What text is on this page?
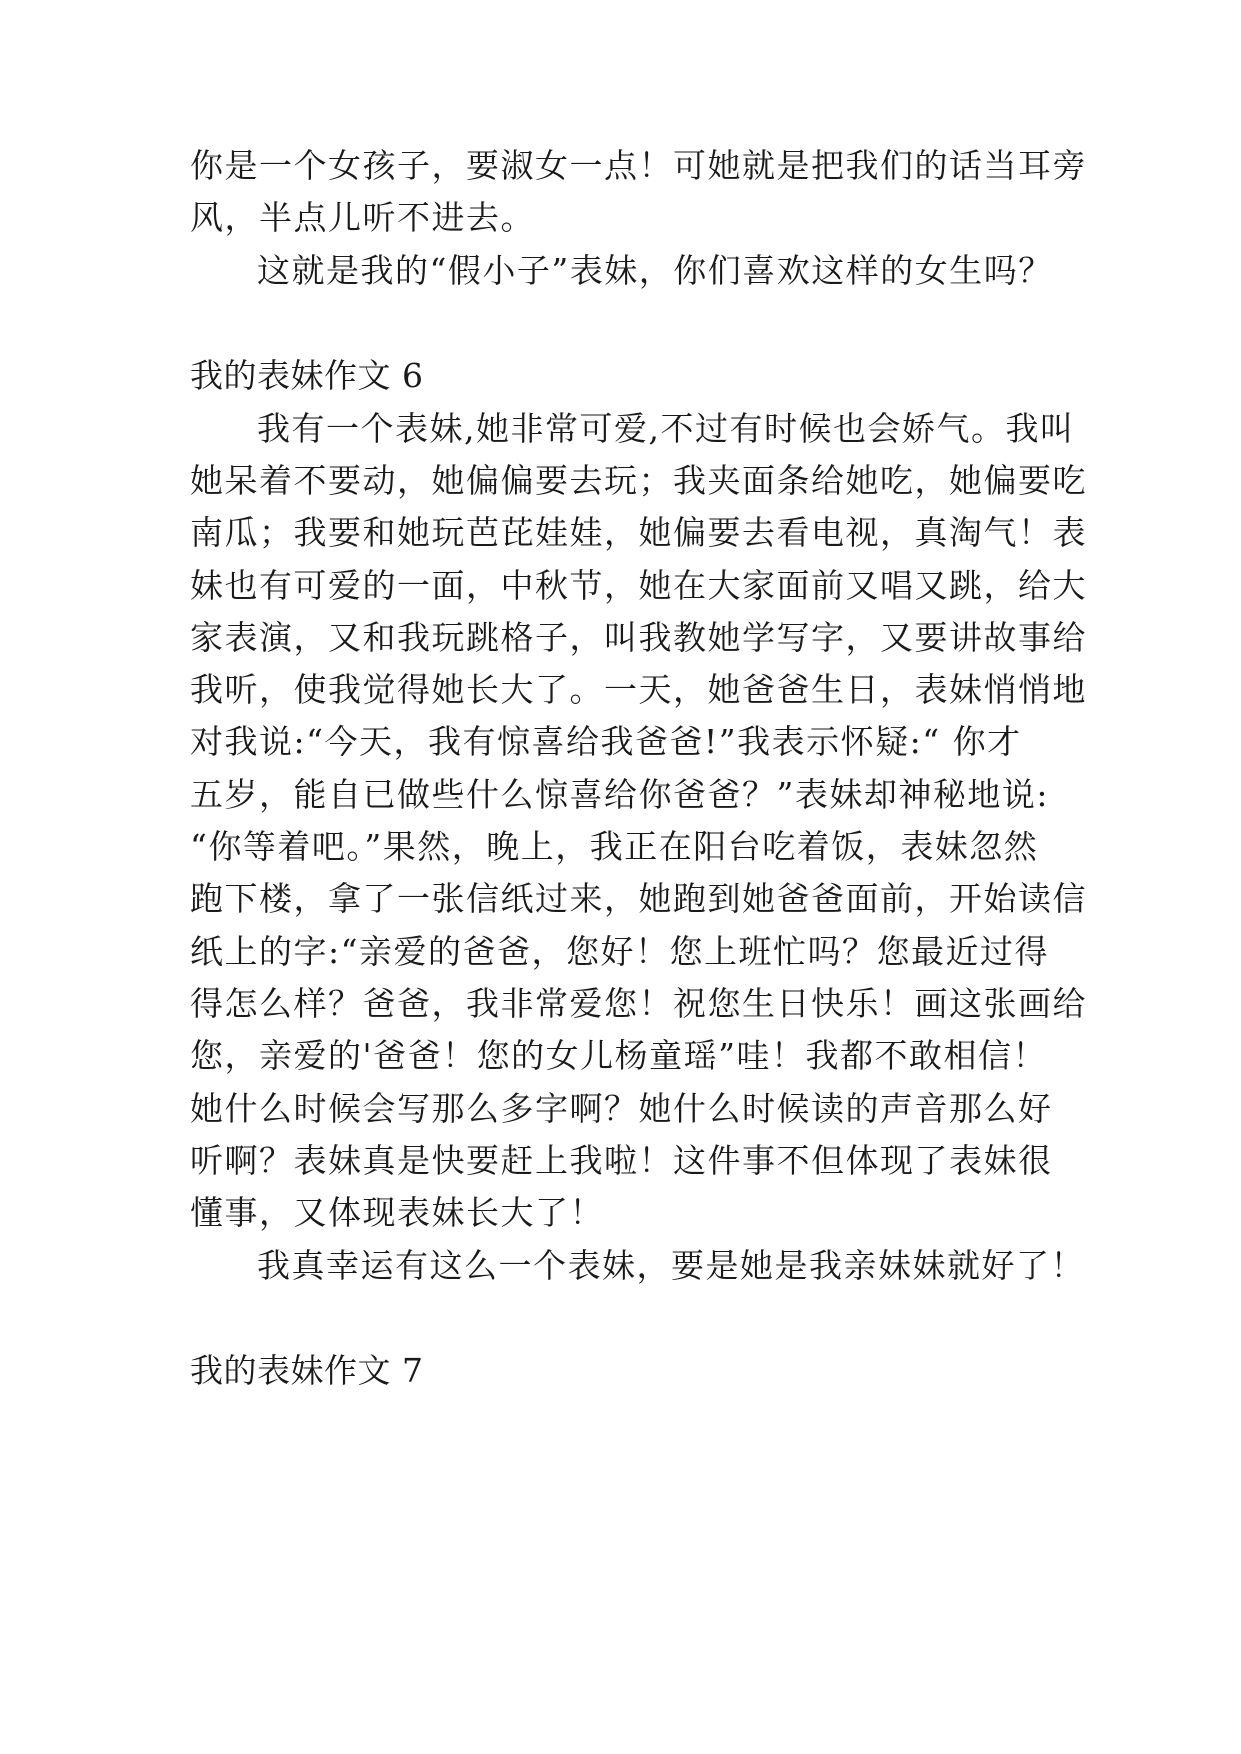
你是一个女孩子，要淑女一点！可她就是把我们的话当耳旁
风，半点儿听不进去。
这就是我的“假小子”表妹，你们喜欢这样的女生吗？
我的表妹作文 6
我有一个表妹,她非常可爱,不过有时候也会娇气。我叫
她呆着不要动，她偏偏要去玩；我夹面条给她吃，她偏要吃
南瓜；我要和她玩芭芘娃娃，她偏要去看电视，真淘气！表
妹也有可爱的一面，中秋节，她在大家面前又唱又跳，给大
家表演，又和我玩跳格子，叫我教她学写字，又要讲故事给
我听，使我觉得她长大了。一天，她爸爸生日，表妹悄悄地
对我说:“今天，我有惊喜给我爸爸!”我表示怀疑:“ 你才
五岁，能自已做些什么惊喜给你爸爸？”表妹却神秘地说:
“你等着吧。”果然，晚上，我正在阳台吃着饭，表妹忽然
跑下楼，拿了一张信纸过来，她跑到她爸爸面前，开始读信
纸上的字:“亲爱的爸爸，您好！您上班忙吗？您最近过得
得怎么样？爸爸，我非常爱您！祝您生日快乐！画这张画给
您，亲爱的'爸爸！您的女儿杨童瑶”哇！我都不敢相信！
她什么时候会写那么多字啊？她什么时候读的声音那么好
听啊？表妹真是快要赶上我啦！这件事不但体现了表妹很
懂事，又体现表妹长大了！
我真幸运有这么一个表妹，要是她是我亲妹妹就好了！
我的表妹作文 7
